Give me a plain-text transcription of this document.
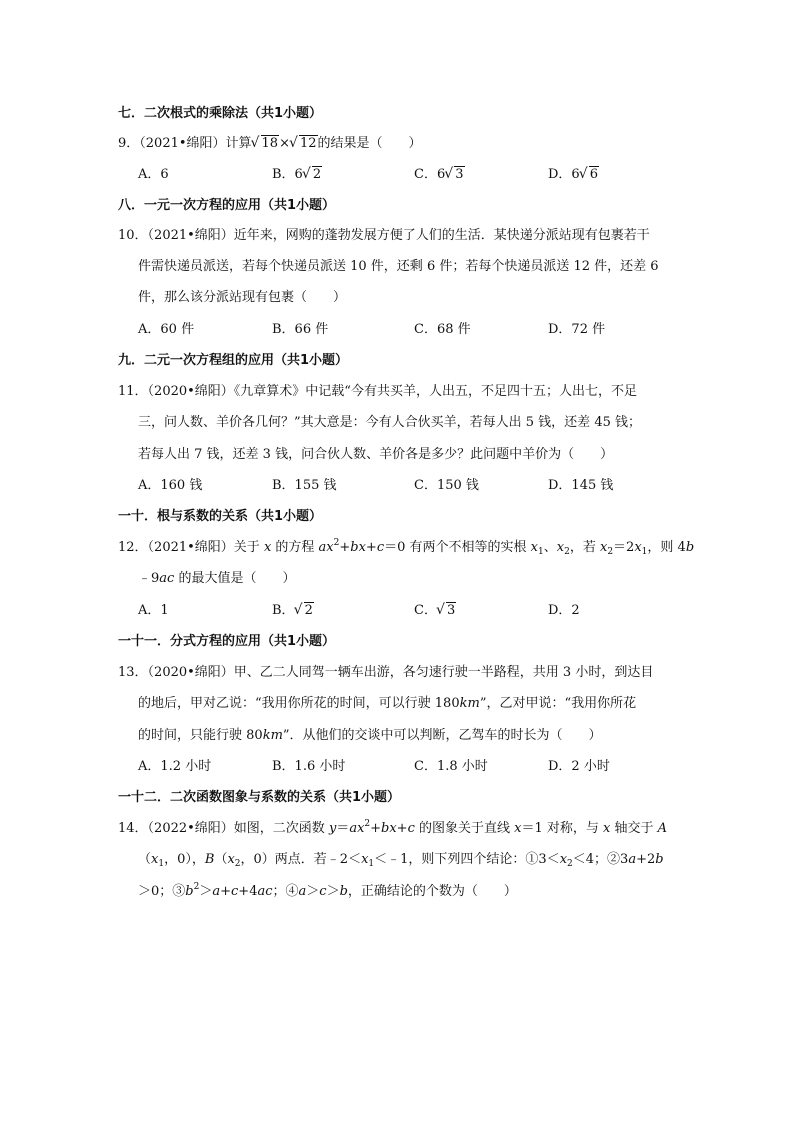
七．二次根式的乘除法（共1小题）
9．（2021•绵阳）计算 √ 18× √ 12的结果是（　　）
A．6	B．6 √ 2	C．6 √ 3	D．6 √ 6
八．一元一次方程的应用（共1小题）
10．（2021•绵阳）近年来，网购的蓬勃发展方便了人们的生活．某快递分派站现有包裹若干
件需快递员派送，若每个快递员派送 10 件，还剩 6 件；若每个快递员派送 12 件，还差 6
件，那么该分派站现有包裹（　　）
A．60 件	B．66 件	C．68 件	D．72 件
九．二元一次方程组的应用（共1小题）
11．（2020•绵阳）《九章算术》中记载“今有共买羊，人出五，不足四十五；人出七，不足
三，问人数、羊价各几何？”其大意是：今有人合伙买羊，若每人出 5 钱，还差 45 钱；
若每人出 7 钱，还差 3 钱，问合伙人数、羊价各是多少？此问题中羊价为（　　）
A．160 钱	B．155 钱	C．150 钱	D．145 钱
一十．根与系数的关系（共1小题）
12．（2021•绵阳）关于 x 的方程 $ax^2+bx+c=0$ 有两个不相等的实根 $x_1$、$x_2$，若 $x_2=2x_1$，则 4b
﹣9ac 的最大值是（　　）
A．1	B． √ 2	C． √ 3	D．2
一十一．分式方程的应用（共1小题）
13．（2020•绵阳）甲、乙二人同驾一辆车出游，各匀速行驶一半路程，共用 3 小时，到达目
的地后，甲对乙说：“我用你所花的时间，可以行驶 180km”，乙对甲说：“我用你所花
的时间，只能行驶 80km”．从他们的交谈中可以判断，乙驾车的时长为（　　）
A．1.2 小时	B．1.6 小时	C．1.8 小时	D．2 小时
一十二．二次函数图象与系数的关系（共1小题）
14．（2022•绵阳）如图，二次函数 $y=ax^2+bx+c$ 的图象关于直线 x＝1 对称，与 x 轴交于 A
（$x_1$，0），$B(x_2$，0）两点．若$﹣2<x_1<﹣1$，则下列四个结论：$①3<x_2<4$；②3a+2b
＞0；$③b^2>a+c+4ac$；④a＞c＞b，正确结论的个数为（　　）
